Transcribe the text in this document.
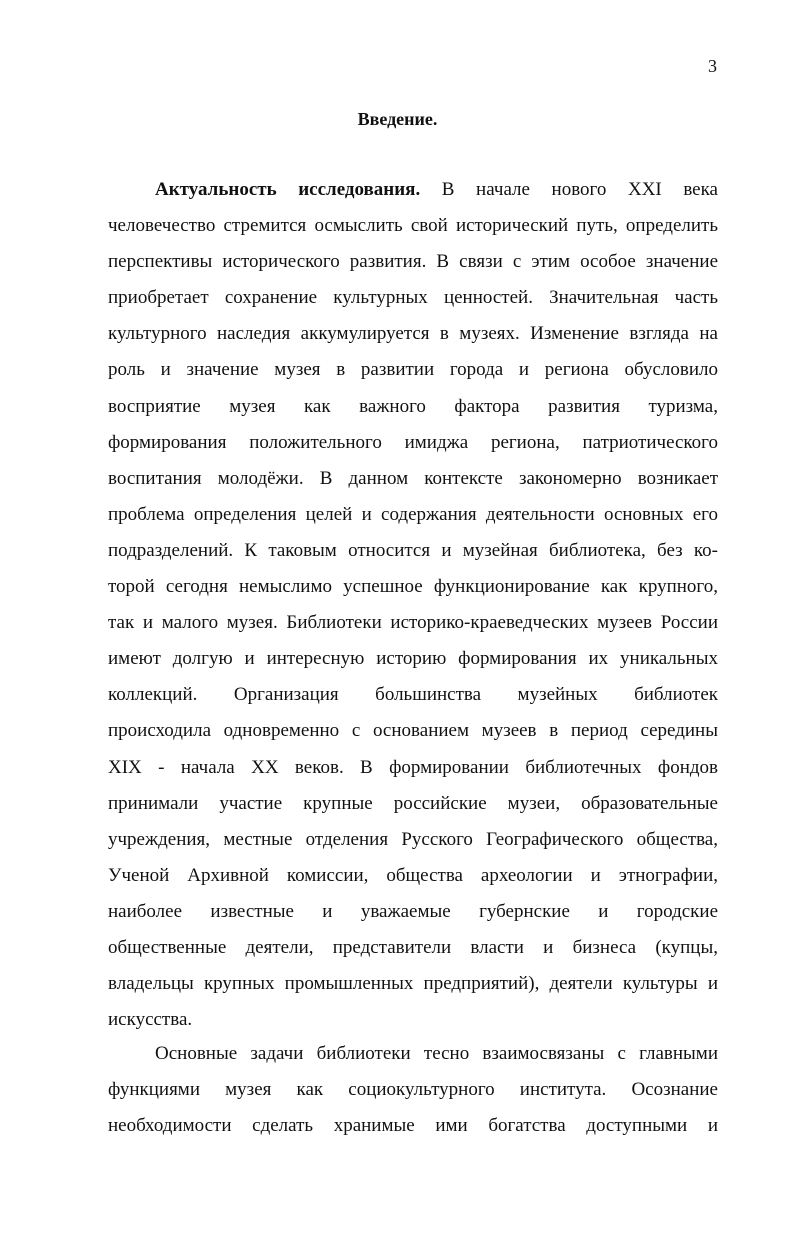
3
Введение.
Актуальность исследования. В начале нового XXI века
человечество стремится осмыслить свой исторический путь, определить
перспективы исторического развития. В связи с этим особое значение
приобретает сохранение культурных ценностей. Значительная часть
культурного наследия аккумулируется в музеях. Изменение взгляда на
роль и значение музея в развитии города и региона обусловило
восприятие музея как важного фактора развития туризма,
формирования положительного имиджа региона, патриотического
воспитания молодёжи. В данном контексте закономерно возникает
проблема определения целей и содержания деятельности основных его
подразделений. К таковым относится и музейная библиотека, без ко-
торой сегодня немыслимо успешное функционирование как крупного,
так и малого музея. Библиотеки историко-краеведческих музеев России
имеют долгую и интересную историю формирования их уникальных
коллекций. Организация большинства музейных библиотек
происходила одновременно с основанием музеев в период середины
XIX - начала XX веков. В формировании библиотечных фондов
принимали участие крупные российские музеи, образовательные
учреждения, местные отделения Русского Географического общества,
Ученой Архивной комиссии, общества археологии и этнографии,
наиболее известные и уважаемые губернские и городские
общественные деятели, представители власти и бизнеса (купцы,
владельцы крупных промышленных предприятий), деятели культуры и
искусства.
Основные задачи библиотеки тесно взаимосвязаны с главными
функциями музея как социокультурного института. Осознание
необходимости сделать хранимые ими богатства доступными и
